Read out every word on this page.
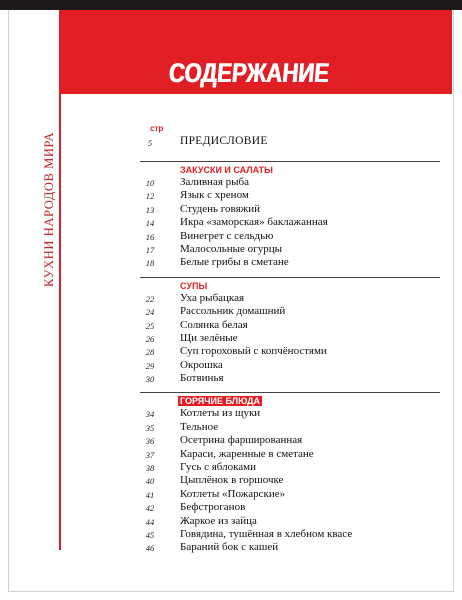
СОДЕРЖАНИЕ
КУХНИ НАРОДОВ МИРА
стр
5	ПРЕДИСЛОВИЕ
ЗАКУСКИ И САЛАТЫ
10	Заливная рыба
12	Язык с хреном
13	Студень говяжий
14	Икра «заморская» баклажанная
16	Винегрет с сельдью
17	Малосольные огурцы
18	Белые грибы в сметане
СУПЫ
22	Уха рыбацкая
24	Рассольник домашний
25	Солянка белая
26	Щи зелёные
28	Суп гороховый с копчёностями
29	Окрошка
30	Ботвинья
ГОРЯЧИЕ БЛЮДА
34	Котлеты из щуки
35	Тельное
36	Осетрина фаршированная
37	Караси, жаренные в сметане
38	Гусь с яблоками
40	Цыплёнок в горшочке
41	Котлеты «Пожарские»
42	Бефстроганов
44	Жаркое из зайца
45	Говядина, тушённая в хлебном квасе
46	Бараний бок с кашей
